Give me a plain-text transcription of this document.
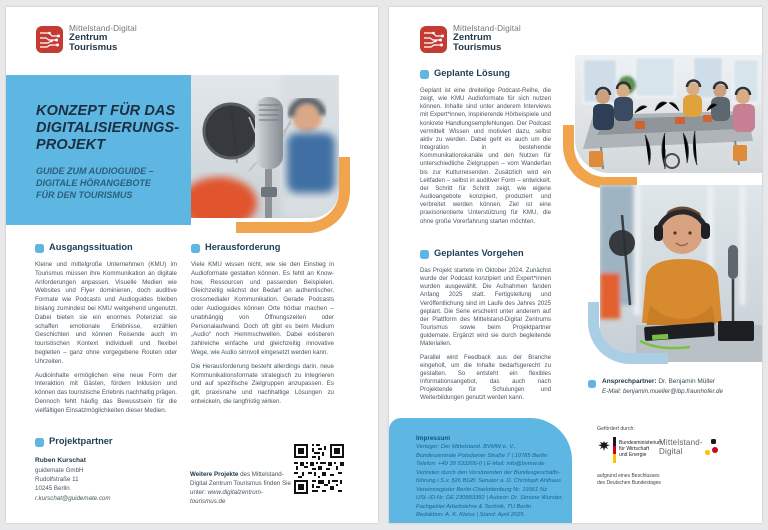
Mittelstand-Digital
Zentrum
Tourismus
KONZEPT FÜR DAS DIGITALISIERUNGS-PROJEKT
GUIDE ZUM AUDIOGUIDE – DIGITALE HÖRANGEBOTE FÜR DEN TOURISMUS
Ausgangssituation

Kleine und mittelgroße Unternehmen (KMU) im Tourismus müssen ihre Kommunikation an digitale Anforderungen anpassen. Visuelle Medien wie Websites und Flyer dominieren, doch auditive Formate wie Podcasts und Audioguides bleiben bislang zumindest bei KMU weitgehend ungenutzt. Dabei bieten sie ein enormes Potenzial: sie schaffen emotionale Erlebnisse, erzählen Geschichten und können Reisende auch im touristischen Kontext individuell und flexibel begleiten – ganz ohne vorgegebene Routen oder Uhrzeiten.

Audioinhalte ermöglichen eine neue Form der Interaktion mit Gästen, fördern Inklusion und können das touristische Erlebnis nachhaltig prägen. Dennoch fehlt häufig das Bewusstsein für die vielfältigen Einsatzmöglichkeiten dieser Medien.

Herausforderung

Viele KMU wissen nicht, wie sie den Einstieg in Audioformate gestalten können. Es fehlt an Know-how, Ressourcen und passenden Beispielen. Gleichzeitig wächst der Bedarf an authentischer, crossmedialer Kommunikation. Gerade Podcasts oder Audioguides können Orte hörbar machen – unabhängig von Öffnungszeiten oder Personalaufwand. Doch oft gibt es beim Medium „Audio“ noch Hemmschwellen. Dabei existieren zahlreiche einfache und gleichzeitig innovative Wege, wie Audio sinnvoll eingesetzt werden kann.

Die Herausforderung besteht allerdings darin, neue Kommunikationsformate strategisch zu integrieren und auf spezifische Zielgruppen anzupassen. Es gilt, praxisnahe und nachhaltige Lösungen zu entwickeln, die langfristig wirken.

Projektpartner
Ruben Kurschat
guidemate GmbH
Rudolfstraße 11
10245 Berlin
r.kurschat@guidemate.com
Weitere Projekte des Mittelstand-Digital Zentrum Tourismus finden Sie unter: www.digitalzentrum-tourismus.de
Mittelstand-Digital
Zentrum
Tourismus
Geplante Lösung

Geplant ist eine dreiteilige Podcast-Reihe, die zeigt, wie KMU Audioformate für sich nutzen können. Inhalte sind unter anderem Interviews mit Expert*innen, inspirierende Hörbeispiele und konkrete Handlungsempfehlungen. Der Podcast vermittelt Wissen und motiviert dazu, selbst aktiv zu werden. Dabei geht es auch um die Integration in bestehende Kommunikationskanäle und den Nutzen für unterschiedliche Zielgruppen – vom Wanderfan bis zur Kulturreisenden. Zusätzlich wird ein Leitfaden – selbst in auditiver Form – entwickelt, der Schritt für Schritt zeigt, wie eigene Audioangebote konzipiert, produziert und verbreitet werden können. Ziel ist eine praxisorientierte Unterstützung für KMU, die ohne große Vorerfahrung starten möchten.

Geplantes Vorgehen

Das Projekt startete im Oktober 2024. Zunächst wurde der Podcast konzipiert und Expert*innen wurden ausgewählt. Die Aufnahmen fanden Anfang 2025 statt. Fertigstellung und Veröffentlichung sind im Laufe des Jahres 2025 geplant. Die Serie erscheint unter anderem auf der Plattform des Mittelstand-Digital Zentrums Tourismus sowie beim Projektpartner guidemate. Ergänzt wird sie durch begleitende Materialien.

Parallel wird Feedback aus der Branche eingeholt, um die Inhalte bedarfsgerecht zu gestalten. So entsteht ein flexibles Informationsangebot, das auch nach Projektende für Schulungen und Weiterbildungen genutzt werden kann.

Ansprechpartner: Dr. Benjamin Müller
E-Mail: benjamin.mueller@ibp.fraunhofer.de
Impressum
Verleger: Der Mittelstand. BVMW e. V.,
Bundeszentrale Potsdamer Straße 7 | 10785 Berlin
Telefon: +49 30 533206-0 | E-Mail: info@bvmw.de
Vertreten durch den Vorsitzenden der Bundesgeschäfts-
führung i.S.v. §26 BGB: Senator a. D. Christoph Ahlhaus
Vereinsregister Berlin-Charlottenburg Nr. 19361 Nz
USt.-ID-Nr. DE 230883382 | Autorin: Dr. Simone Wurster,
Fachgebiet Arbeitslehre & Technik, TU Berlin
Redaktion: A. K. Kleiss | Stand: April 2025
Gefördert durch:
Bundesministerium
für Wirtschaft
und Energie
aufgrund eines Beschlusses
des Deutschen Bundestages
Mittelstand-
Digital
